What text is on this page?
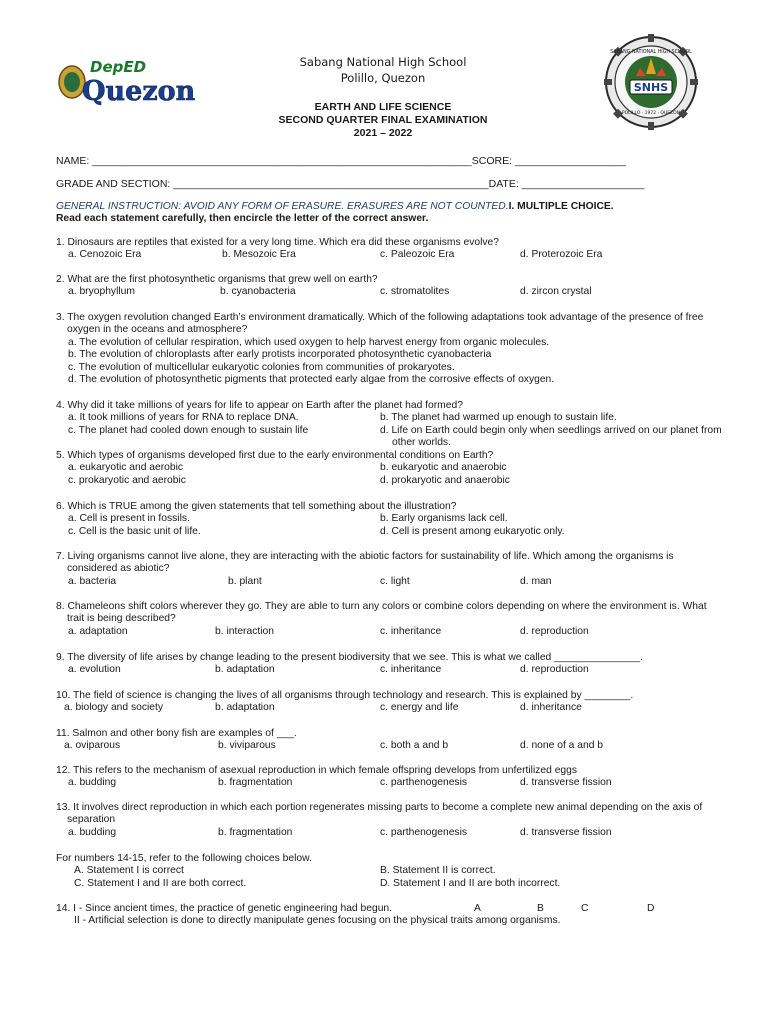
DepED
Quezon	SNHS
POLILLO · 1972 · QUEZON
SABANG NATIONAL HIGH SCHOOL
Sabang National High School
Polillo, Quezon
EARTH AND LIFE SCIENCE
SECOND QUARTER FINAL EXAMINATION
2021 – 2022
NAME: _________________________________________________________________SCORE: ___________________
GRADE AND SECTION: ______________________________________________________DATE: _____________________
GENERAL INSTRUCTION: AVOID ANY FORM OF ERASURE. ERASURES ARE NOT COUNTED.I. MULTIPLE CHOICE.
Read each statement carefully, then encircle the letter of the correct answer.
1. Dinosaurs are reptiles that existed for a very long time. Which era did these organisms evolve?
a. Cenozoic Era	b. Mesozoic Era	c. Paleozoic Era	d. Proterozoic Era
2. What are the first photosynthetic organisms that grew well on earth?
a. bryophyllum	b. cyanobacteria	c. stromatolites	d. zircon crystal
3. The oxygen revolution changed Earth’s environment dramatically. Which of the following adaptations took advantage of the presence of free oxygen in the oceans and atmosphere?
a. The evolution of cellular respiration, which used oxygen to help harvest energy from organic molecules.
b. The evolution of chloroplasts after early protists incorporated photosynthetic cyanobacteria
c. The evolution of multicellular eukaryotic colonies from communities of prokaryotes.
d. The evolution of photosynthetic pigments that protected early algae from the corrosive effects of oxygen.
4. Why did it take millions of years for life to appear on Earth after the planet had formed?
a. It took millions of years for RNA to replace DNA.	b. The planet had warmed up enough to sustain life.
c. The planet had cooled down enough to sustain life	d. Life on Earth could begin only when seedlings arrived on our planet from other worlds.
5. Which types of organisms developed first due to the early environmental conditions on Earth?
a. eukaryotic and aerobic	b. eukaryotic and anaerobic
c. prokaryotic and aerobic	d. prokaryotic and anaerobic
6. Which is TRUE among the given statements that tell something about the illustration?
a. Cell is present in fossils.	b. Early organisms lack cell.
c. Cell is the basic unit of life.	d. Cell is present among eukaryotic only.
7. Living organisms cannot live alone, they are interacting with the abiotic factors for sustainability of life. Which among the organisms is considered as abiotic?
a. bacteria	b. plant	c. light	d. man
8. Chameleons shift colors wherever they go. They are able to turn any colors or combine colors depending on where the environment is. What trait is being described?
a. adaptation	b. interaction	c. inheritance	d. reproduction
9. The diversity of life arises by change leading to the present biodiversity that we see. This is what we called _______________.
a. evolution	b. adaptation	c. inheritance	d. reproduction
10. The field of science is changing the lives of all organisms through technology and research. This is explained by ________.
a. biology and society	b. adaptation	c. energy and life	d. inheritance
11. Salmon and other bony fish are examples of ___.
a. oviparous	b. viviparous	c. both a and b	d. none of a and b
12. This refers to the mechanism of asexual reproduction in which female offspring develops from unfertilized eggs
a. budding	b. fragmentation	c. parthenogenesis	d. transverse fission
13. It involves direct reproduction in which each portion regenerates missing parts to become a complete new animal depending on the axis of separation
a. budding	b. fragmentation	c. parthenogenesis	d. transverse fission
For numbers 14-15, refer to the following choices below.
A. Statement I is correct	B. Statement II is correct.
C. Statement I and II are both correct.	D. Statement I and II are both incorrect.
14. I - Since ancient times, the practice of genetic engineering had begun.	A	B	C	D
II - Artificial selection is done to directly manipulate genes focusing on the physical traits among organisms.
